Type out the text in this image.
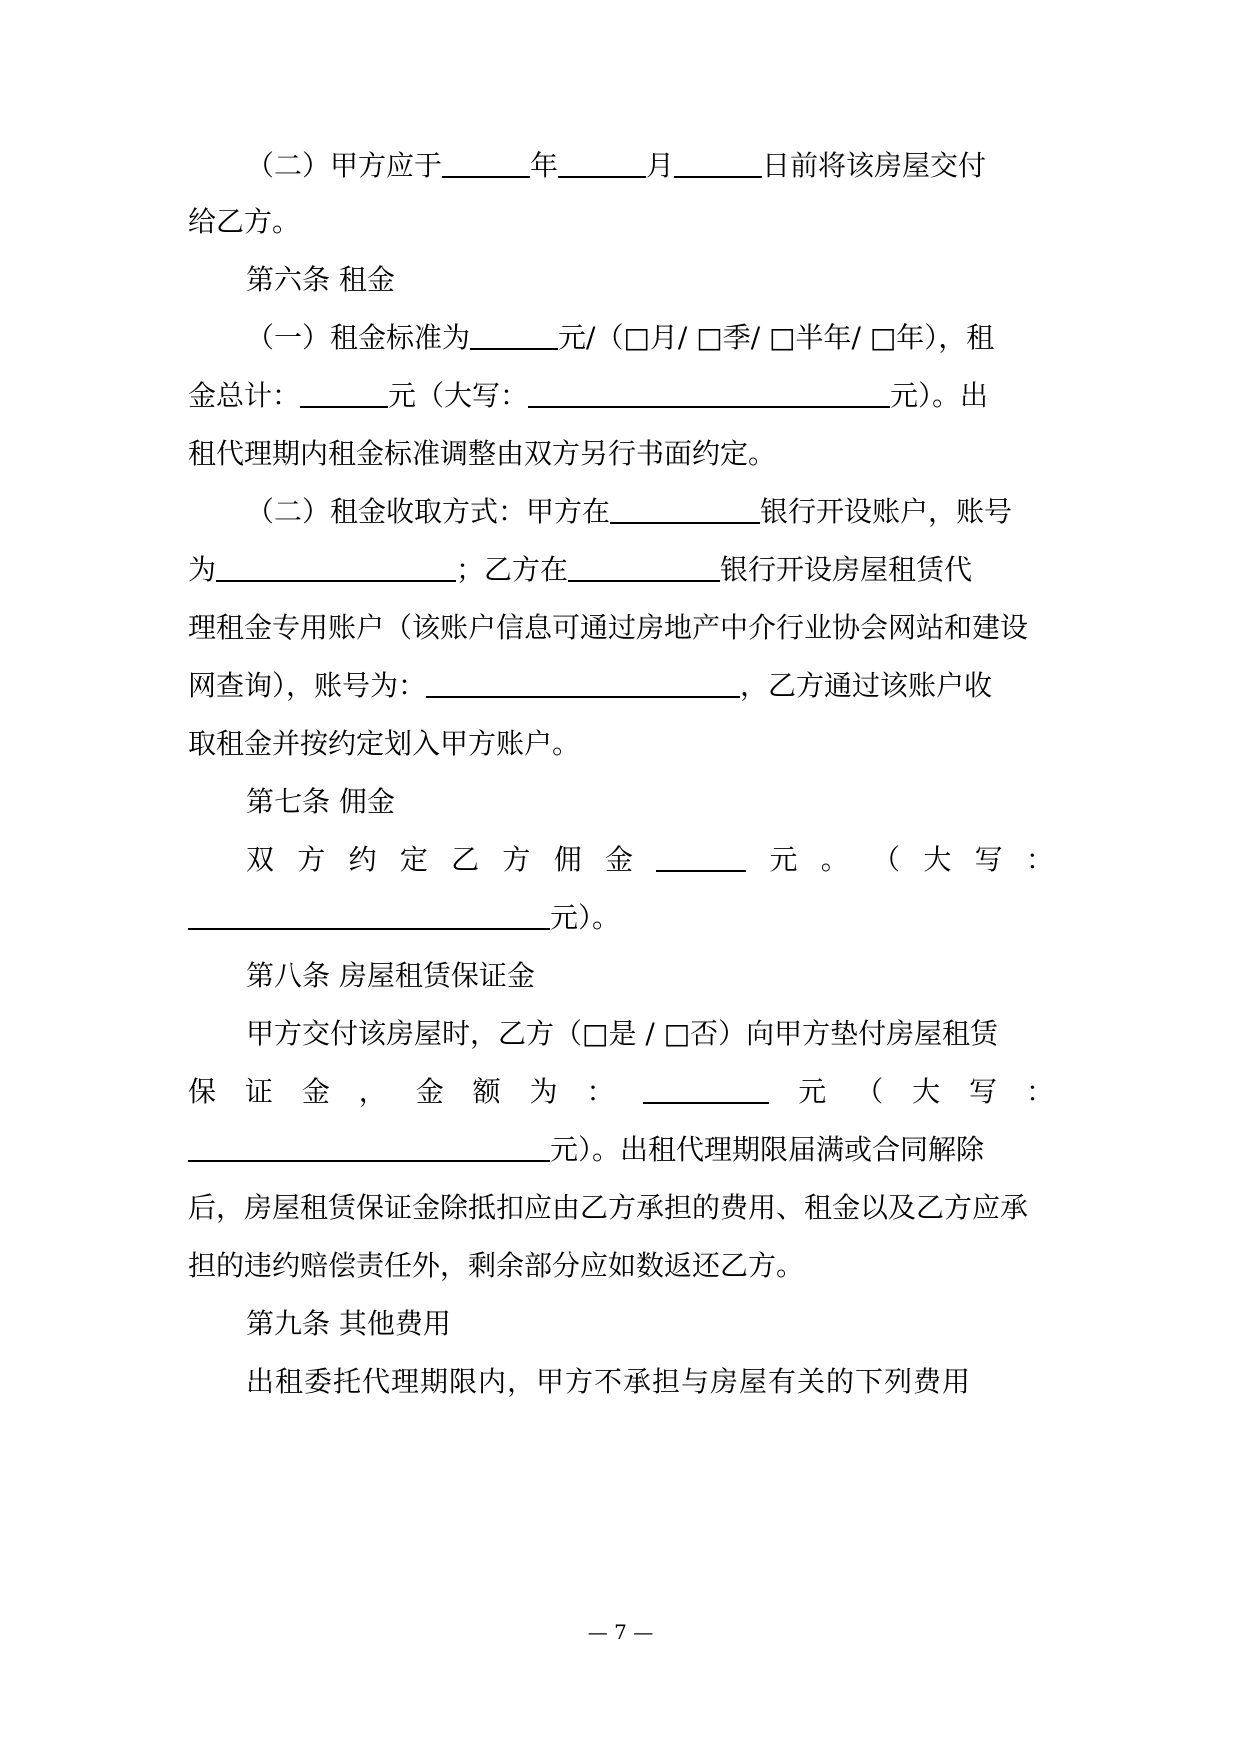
（二）甲方应于	年	月	日前将该房屋交付
给乙方。
第六条 租金
（一）租金标准为	元/（□月/ □季/ □半年/ □年），租
金总计：	元（大写：	元）。出
租代理期内租金标准调整由双方另行书面约定。
（二）租金收取方式：甲方在	银行开设账户，账号
为	；乙方在	银行开设房屋租赁代
理租金专用账户（该账户信息可通过房地产中介行业协会网站和建设
网查询），账号为：	，乙方通过该账户收
取租金并按约定划入甲方账户。
第七条 佣金
双 方 约 定 乙 方 佣 金	元 。 （ 大 写 ：
元）。
第八条 房屋租赁保证金
甲方交付该房屋时，乙方（□是 / □否）向甲方垫付房屋租赁
保 证 金 ， 金 额 为 ：	元 （ 大 写 ：
元）。出租代理期限届满或合同解除
后，房屋租赁保证金除抵扣应由乙方承担的费用、租金以及乙方应承
担的违约赔偿责任外，剩余部分应如数返还乙方。
第九条 其他费用
出租委托代理期限内，甲方不承担与房屋有关的下列费用
— 7 —
